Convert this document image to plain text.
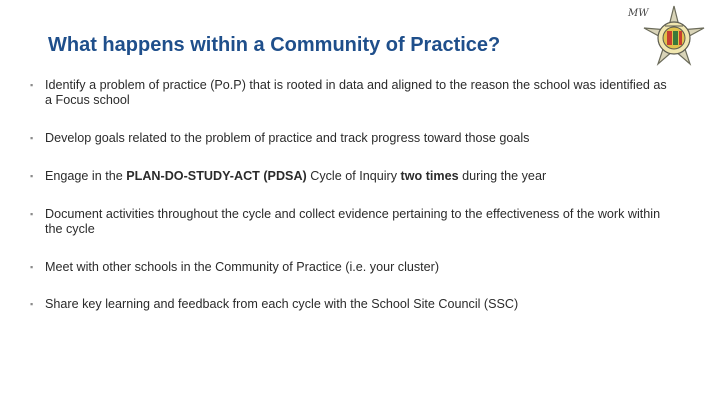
What happens within a Community of Practice?
MW
▪ Identify a problem of practice (Po.P) that is rooted in data and aligned to the reason the school was identified as a Focus school
▪ Develop goals related to the problem of practice and track progress toward those goals
▪ Engage in the PLAN-DO-STUDY-ACT (PDSA) Cycle of Inquiry two times during the year
▪ Document activities throughout the cycle and collect evidence pertaining to the effectiveness of the work within the cycle
▪ Meet with other schools in the Community of Practice (i.e. your cluster)
▪ Share key learning and feedback from each cycle with the School Site Council (SSC)
